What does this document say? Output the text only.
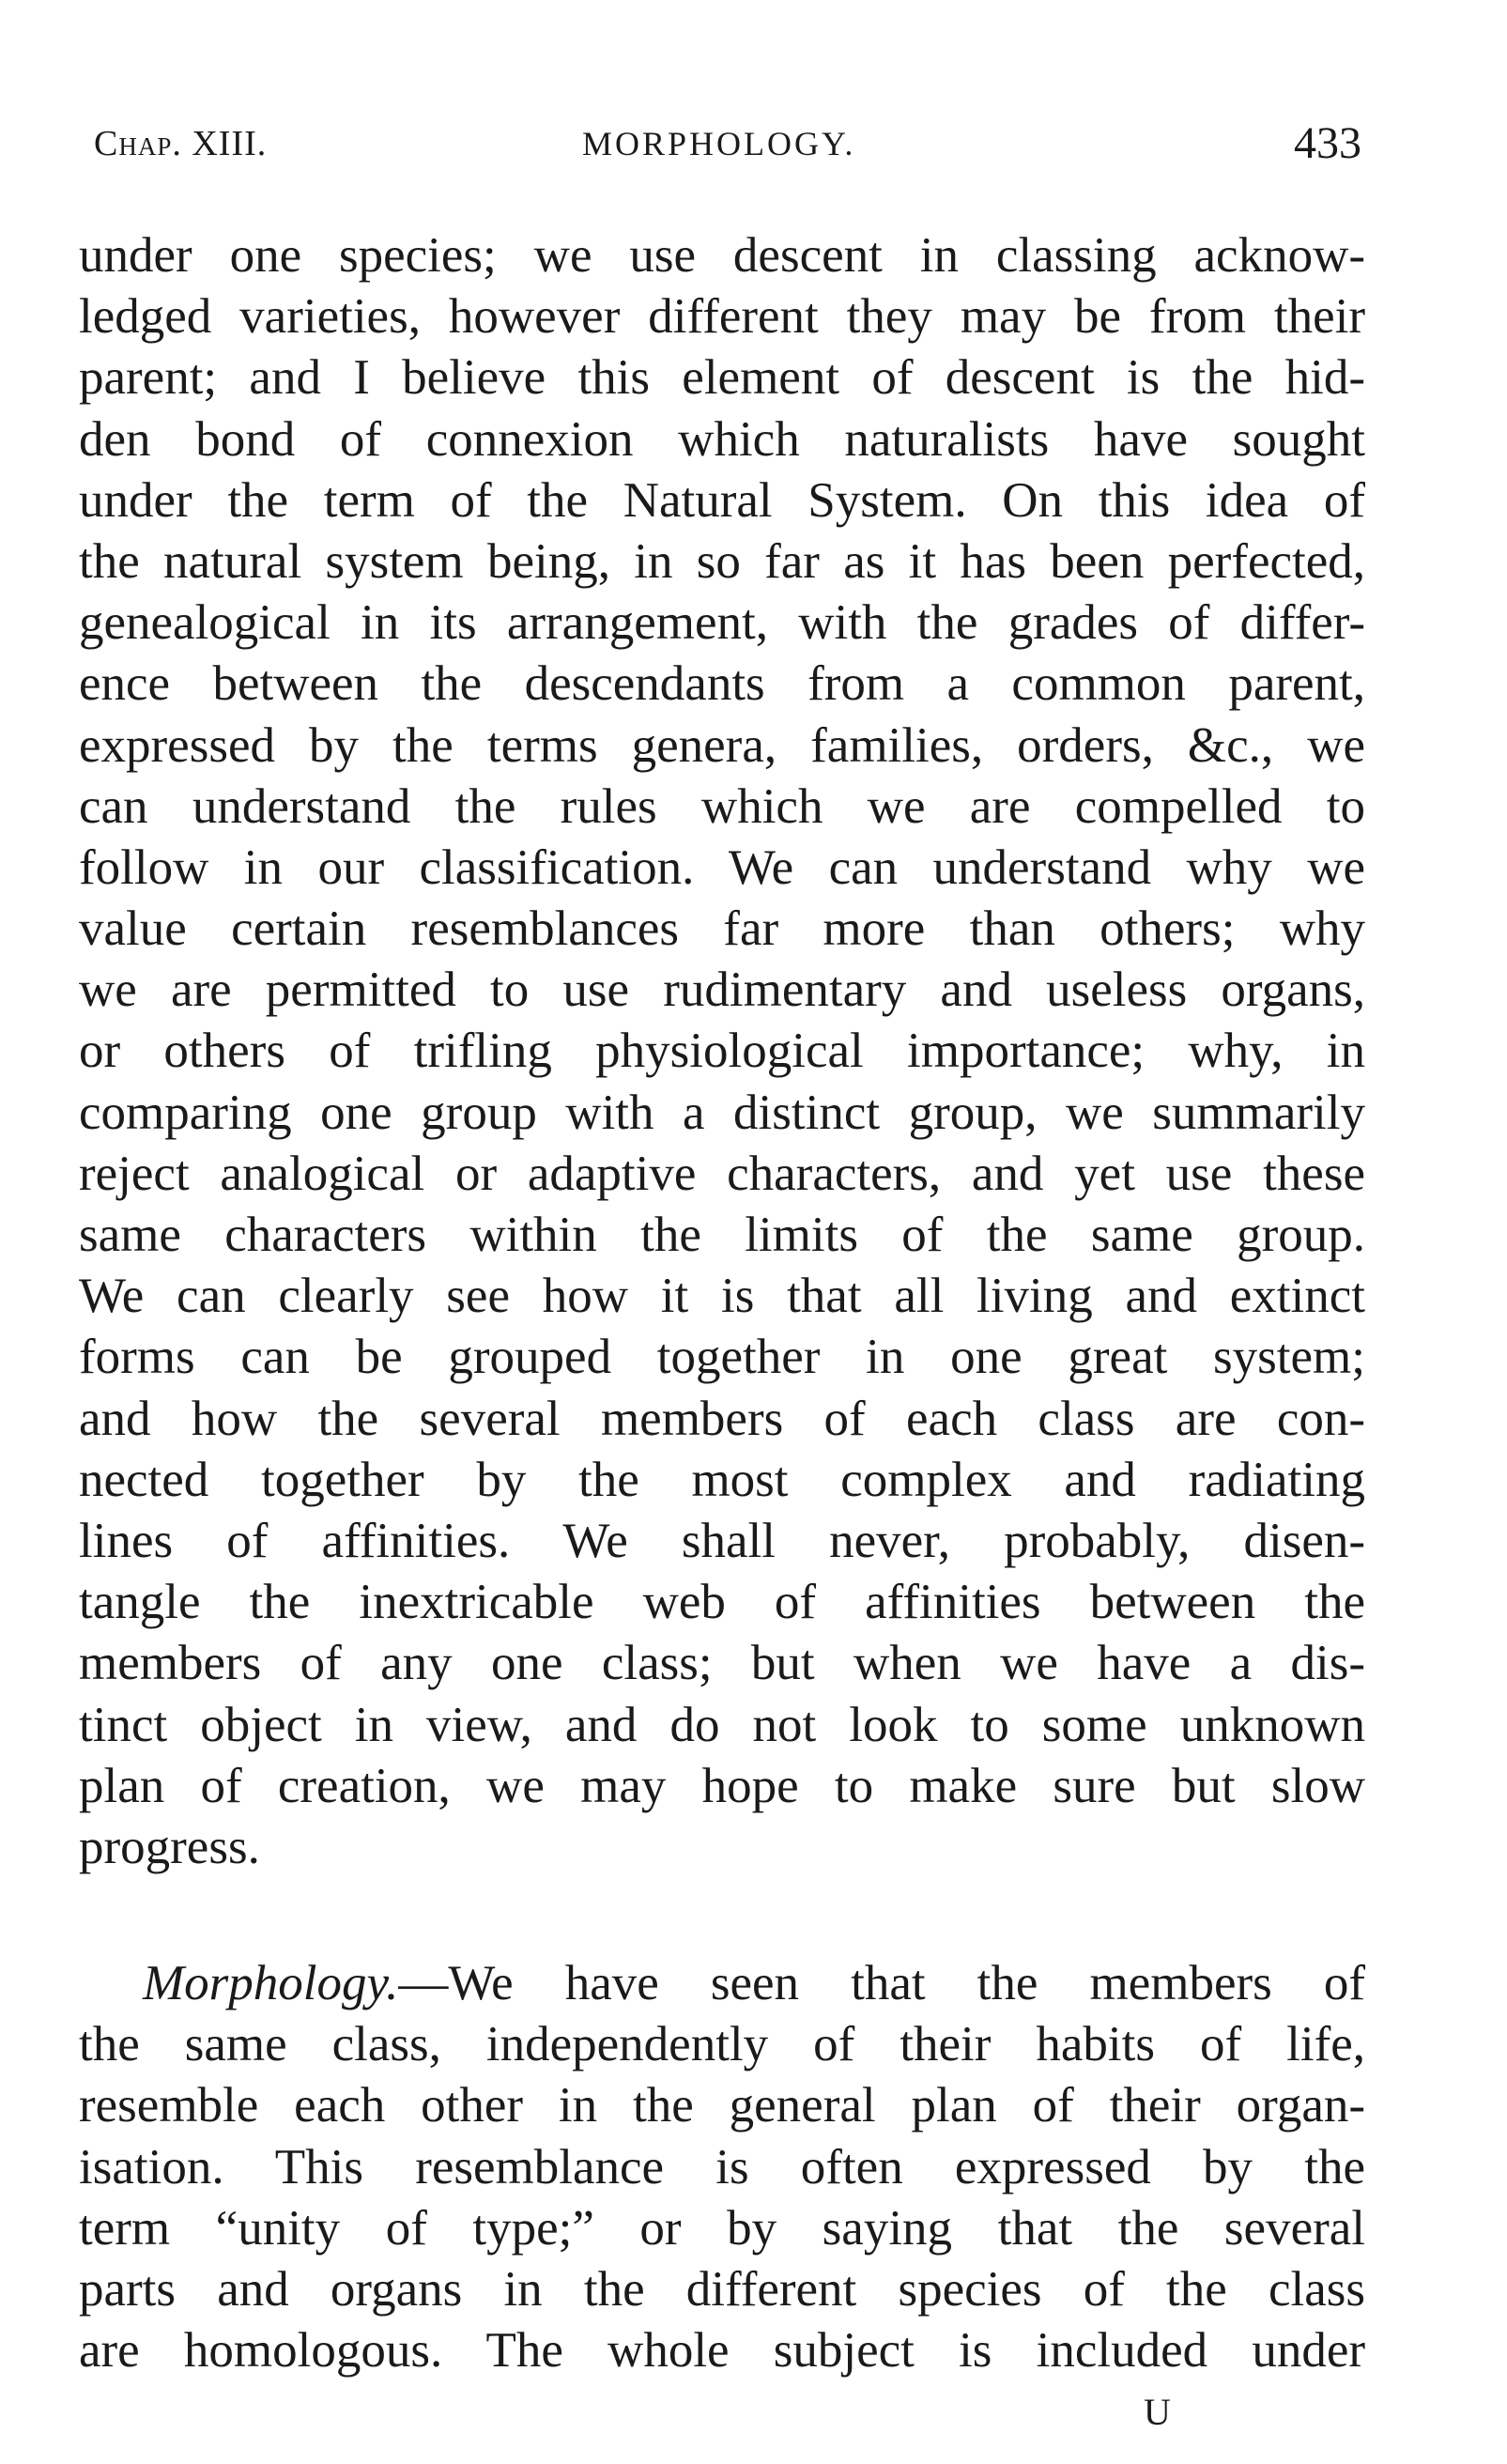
Chap. XIII.	MORPHOLOGY.	433
under one species; we use descent in classing acknow-
ledged varieties, however different they may be from their
parent; and I believe this element of descent is the hid-
den bond of connexion which naturalists have sought
under the term of the Natural System. On this idea of
the natural system being, in so far as it has been perfected,
genealogical in its arrangement, with the grades of differ-
ence between the descendants from a common parent,
expressed by the terms genera, families, orders, &c., we
can understand the rules which we are compelled to
follow in our classification. We can understand why we
value certain resemblances far more than others; why
we are permitted to use rudimentary and useless organs,
or others of trifling physiological importance; why, in
comparing one group with a distinct group, we summarily
reject analogical or adaptive characters, and yet use these
same characters within the limits of the same group.
We can clearly see how it is that all living and extinct
forms can be grouped together in one great system;
and how the several members of each class are con-
nected together by the most complex and radiating
lines of affinities. We shall never, probably, disen-
tangle the inextricable web of affinities between the
members of any one class; but when we have a dis-
tinct object in view, and do not look to some unknown
plan of creation, we may hope to make sure but slow
progress.
Morphology.—We have seen that the members of
the same class, independently of their habits of life,
resemble each other in the general plan of their organ-
isation. This resemblance is often expressed by the
term “unity of type;” or by saying that the several
parts and organs in the different species of the class
are homologous. The whole subject is included under
U
